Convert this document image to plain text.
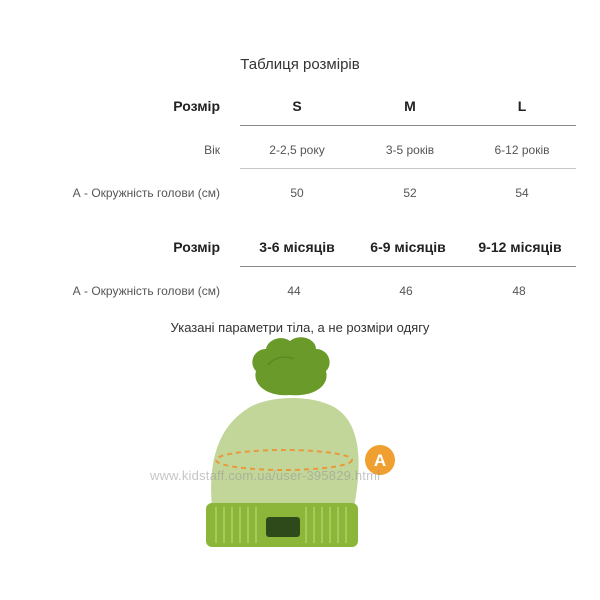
Таблиця розмірів
Розмір	S	M	L
Вік	2-2,5 року	3-5 років	6-12 років
А - Окружність голови (см)	50	52	54
Розмір	3-6 місяців	6-9 місяців	9-12 місяців
А - Окружність голови (см)	44	46	48
Указані параметри тіла, а не розміри одягу
A
www.kidstaff.com.ua/user-395829.html
